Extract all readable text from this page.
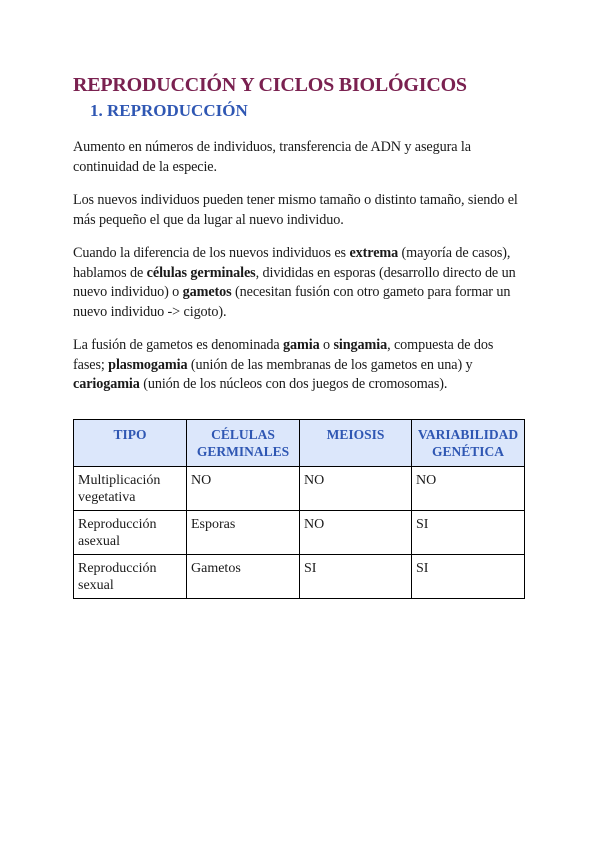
REPRODUCCIÓN Y CICLOS BIOLÓGICOS
1. REPRODUCCIÓN

Aumento en números de individuos, transferencia de ADN y asegura la continuidad de la especie.

Los nuevos individuos pueden tener mismo tamaño o distinto tamaño, siendo el más pequeño el que da lugar al nuevo individuo.

Cuando la diferencia de los nuevos individuos es extrema (mayoría de casos), hablamos de células germinales, divididas en esporas (desarrollo directo de un nuevo individuo) o gametos (necesitan fusión con otro gameto para formar un nuevo individuo -> cigoto).

La fusión de gametos es denominada gamia o singamia, compuesta de dos fases; plasmogamia (unión de las membranas de los gametos en una) y cariogamia (unión de los núcleos con dos juegos de cromosomas).

TIPO	CÉLULAS GERMINALES	MEIOSIS	VARIABILIDAD GENÉTICA
Multiplicación vegetativa	NO	NO	NO
Reproducción asexual	Esporas	NO	SI
Reproducción sexual	Gametos	SI	SI
